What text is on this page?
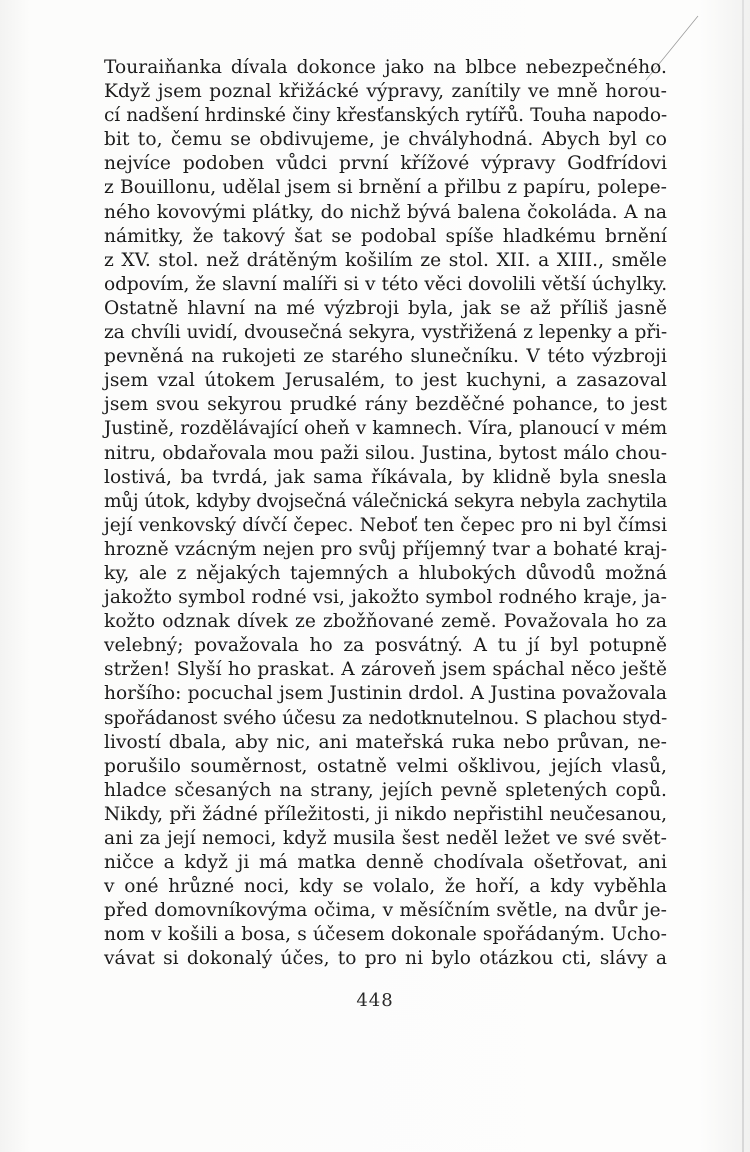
Touraiňanka dívala dokonce jako na blbce nebezpečného.
Když jsem poznal křižácké výpravy, zanítily ve mně horou-
cí nadšení hrdinské činy křesťanských rytířů. Touha napodo-
bit to, čemu se obdivujeme, je chvályhodná. Abych byl co
nejvíce podoben vůdci první křížové výpravy Godfrídovi
z Bouillonu, udělal jsem si brnění a přilbu z papíru, polepe-
ného kovovými plátky, do nichž bývá balena čokoláda. A na
námitky, že takový šat se podobal spíše hladkému brnění
z XV. stol. než drátěným košilím ze stol. XII. a XIII., směle
odpovím, že slavní malíři si v této věci dovolili větší úchylky.
Ostatně hlavní na mé výzbroji byla, jak se až příliš jasně
za chvíli uvidí, dvousečná sekyra, vystřižená z lepenky a při-
pevněná na rukojeti ze starého slunečníku. V této výzbroji
jsem vzal útokem Jerusalém, to jest kuchyni, a zasazoval
jsem svou sekyrou prudké rány bezděčné pohance, to jest
Justině, rozdělávající oheň v kamnech. Víra, planoucí v mém
nitru, obdařovala mou paži silou. Justina, bytost málo chou-
lostivá, ba tvrdá, jak sama říkávala, by klidně byla snesla
můj útok, kdyby dvojsečná válečnická sekyra nebyla zachytila
její venkovský dívčí čepec. Neboť ten čepec pro ni byl čímsi
hrozně vzácným nejen pro svůj příjemný tvar a bohaté kraj-
ky, ale z nějakých tajemných a hlubokých důvodů možná
jakožto symbol rodné vsi, jakožto symbol rodného kraje, ja-
kožto odznak dívek ze zbožňované země. Považovala ho za
velebný; považovala ho za posvátný. A tu jí byl potupně
stržen! Slyší ho praskat. A zároveň jsem spáchal něco ještě
horšího: pocuchal jsem Justinin drdol. A Justina považovala
spořádanost svého účesu za nedotknutelnou. S plachou styd-
livostí dbala, aby nic, ani mateřská ruka nebo průvan, ne-
porušilo souměrnost, ostatně velmi ošklivou, jejích vlasů,
hladce sčesaných na strany, jejích pevně spletených copů.
Nikdy, při žádné příležitosti, ji nikdo nepřistihl neučesanou,
ani za její nemoci, když musila šest neděl ležet ve své svět-
ničce a když ji má matka denně chodívala ošetřovat, ani
v oné hrůzné noci, kdy se volalo, že hoří, a kdy vyběhla
před domovníkovýma očima, v měsíčním světle, na dvůr je-
nom v košili a bosa, s účesem dokonale spořádaným. Ucho-
vávat si dokonalý účes, to pro ni bylo otázkou cti, slávy a
448
